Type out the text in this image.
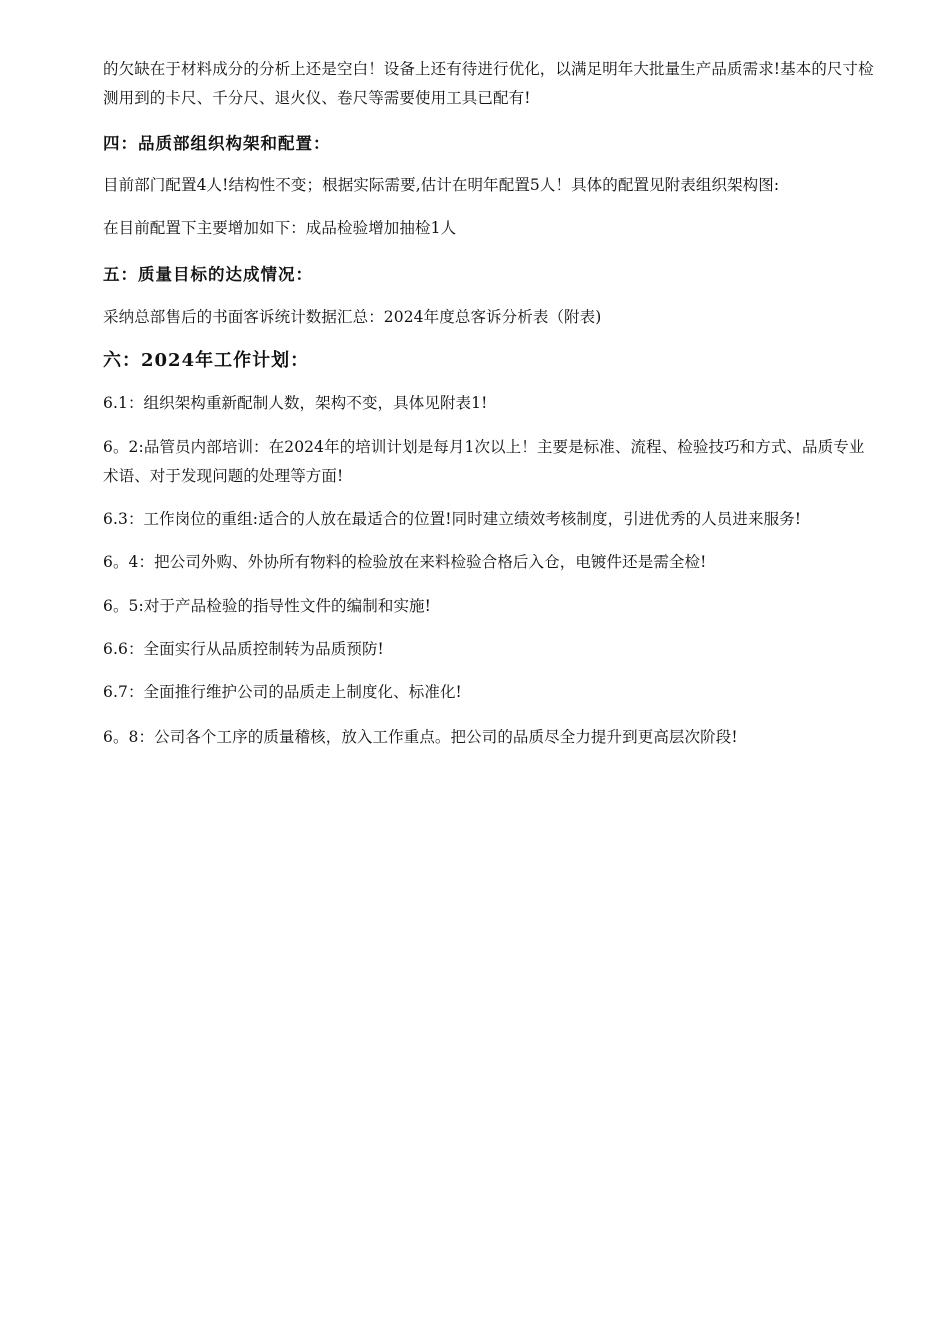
的欠缺在于材料成分的分析上还是空白！设备上还有待进行优化，以满足明年大批量生产品质需求!基本的尺寸检测用到的卡尺、千分尺、退火仪、卷尺等需要使用工具已配有!

四：品质部组织构架和配置：

目前部门配置4人!结构性不变；根据实际需要,估计在明年配置5人！具体的配置见附表组织架构图:

在目前配置下主要增加如下：成品检验增加抽检1人

五：质量目标的达成情况：

采纳总部售后的书面客诉统计数据汇总：2024年度总客诉分析表（附表)

六：2024年工作计划：

6.1：组织架构重新配制人数，架构不变，具体见附表1!

6。2:品管员内部培训：在2024年的培训计划是每月1次以上！主要是标准、流程、检验技巧和方式、品质专业术语、对于发现问题的处理等方面!

6.3：工作岗位的重组:适合的人放在最适合的位置!同时建立绩效考核制度，引进优秀的人员进来服务!

6。4：把公司外购、外协所有物料的检验放在来料检验合格后入仓，电镀件还是需全检!

6。5:对于产品检验的指导性文件的编制和实施!

6.6：全面实行从品质控制转为品质预防!

6.7：全面推行维护公司的品质走上制度化、标准化!

6。8：公司各个工序的质量稽核，放入工作重点。把公司的品质尽全力提升到更高层次阶段!
